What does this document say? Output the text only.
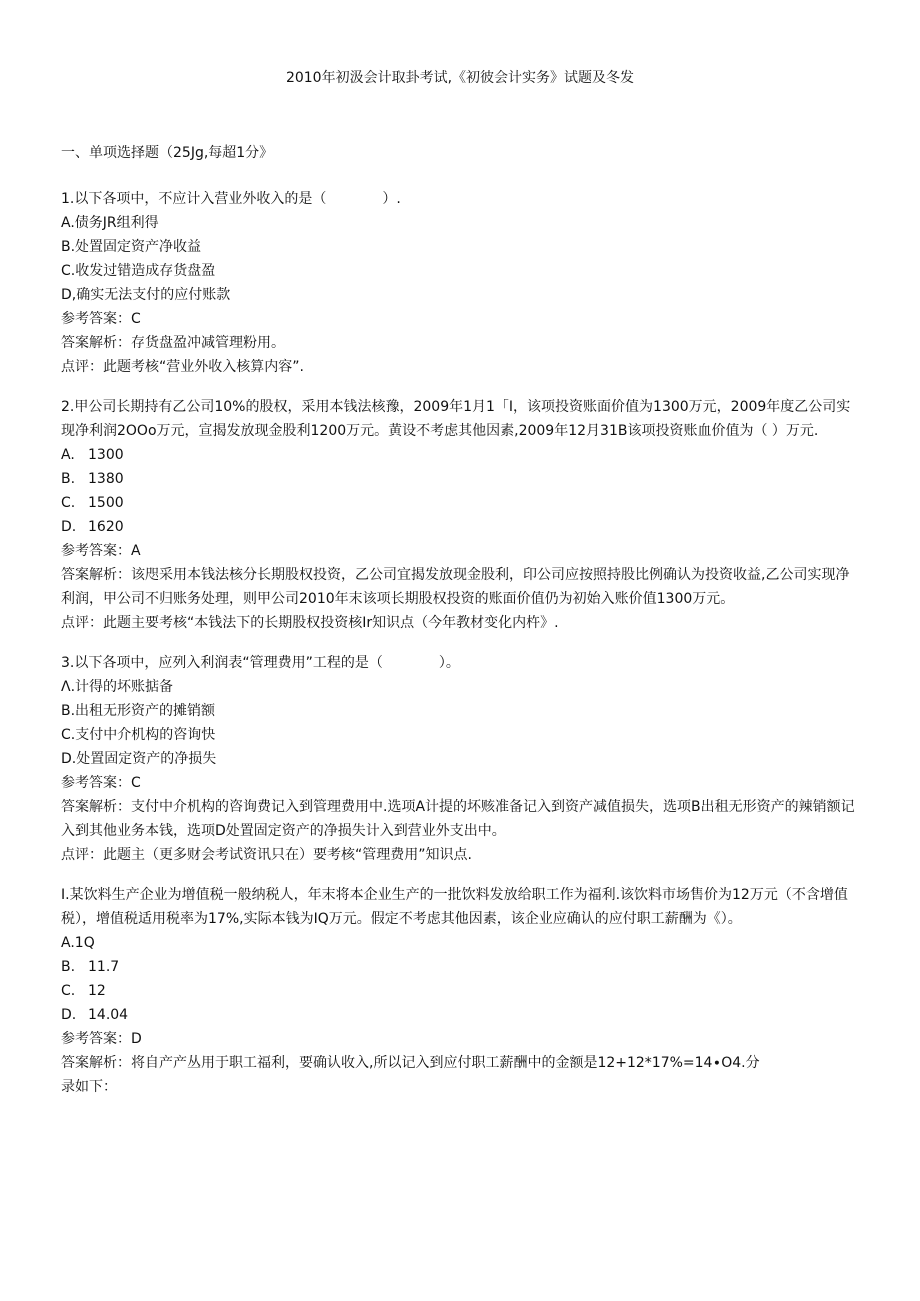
2010年初汲会计取卦考试,《初彼会计实务》试题及冬发
一、单项选择题（25Jg,每超1分》
1.以下各项中，不应计入营业外收入的是（　　　　）.
A.债务JR组利得
B.处置固定资产净收益
C.收发过错造成存货盘盈
D,确实无法支付的应付账款
参考答案：C
答案解析：存货盘盈冲减管理粉用。
点评：此题考核“营业外收入核算内容”.
2.甲公司长期持有乙公司10%的股权，采用本钱法核豫，2009年1月1「I，该项投资账面价值为1300万元，2009年度乙公司实现净利润2OOo万元，宣揭发放现金股利1200万元。黄设不考虑其他因素,2009年12月31B该项投资账血价值为（ ）万元.
A. 1300
B. 1380
C. 1500
D. 1620
参考答案：A
答案解析：该咫采用本钱法核分长期股权投资，乙公司宜揭发放现金股利，印公司应按照持股比例确认为投资收益,乙公司实现净利润，甲公司不归账务处理，则甲公司2010年末该项长期股权投资的账面价值仍为初始入账价值1300万元。
点评：此题主要考核“本钱法下的长期股权投资核Ir知识点（今年教材变化内杵》.
3.以下各项中，应列入利润表“管理费用”工程的是（　　　　）。
Λ.计得的坏账掂备
B.出租无形资产的摊销额
C.支付中介机构的咨询快
D.处置固定资产的净损失
参考答案：C
答案解析：支付中介机构的咨询费记入到管理费用中.选项A计提的坏赅准备记入到资产减值损失，选项B出租无形资产的辣销额记入到其他业务本钱，选项D处置固定资产的净损失计入到营业外支出中。
点评：此题主（更多财会考试资讯只在）要考核“管理费用”知识点.
I.某饮料生产企业为增值税一般纳税人，年末将本企业生产的一批饮料发放给职工作为福利.该饮料市场售价为12万元（不含增值税），增值税适用税率为17%,实际本钱为IQ万元。假定不考虑其他因素，该企业应确认的应付职工薪酬为《）。
A.1Q
B. 11.7
C. 12
D. 14.04
参考答案：D
答案解析：将自产产丛用于职工福利，要确认收入,所以记入到应付职工薪酬中的金额是12+12*17%=14∙O4.分
录如下：
